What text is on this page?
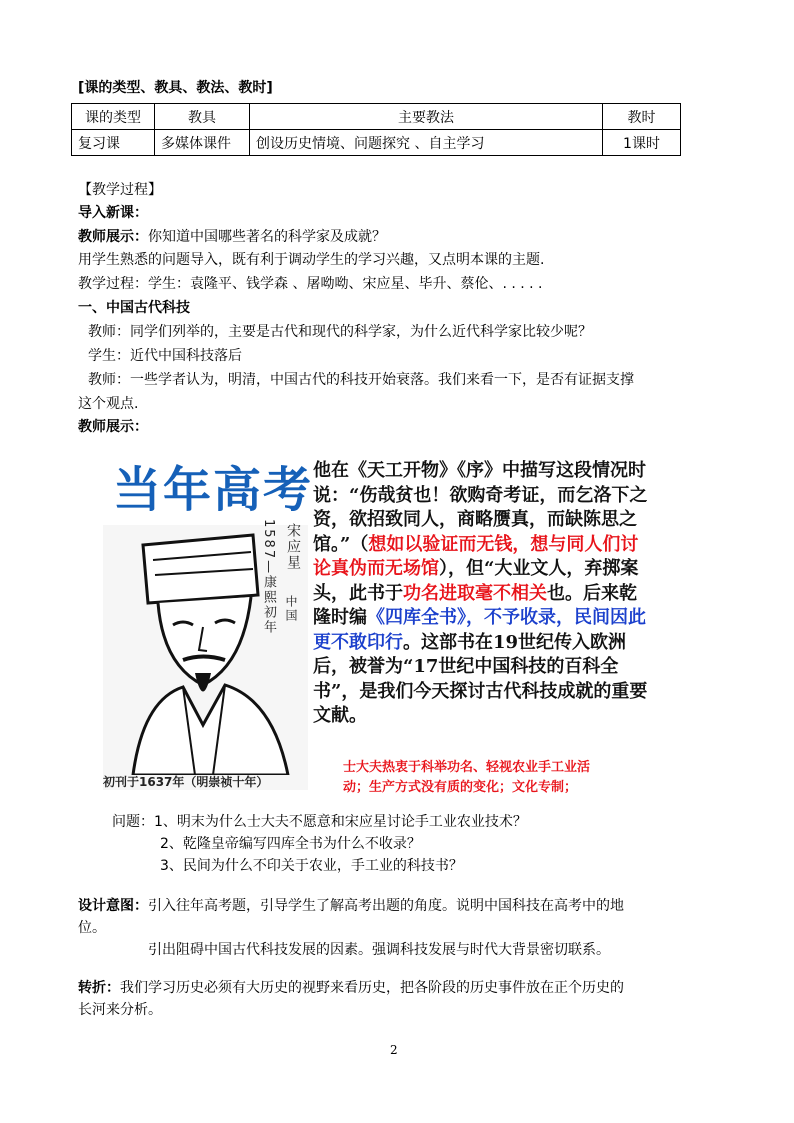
[课的类型、教具、教法、教时]
课的类型	教具	主要教法	教时
复习课	多媒体课件	创设历史情境、问题探究 、自主学习	1课时
【教学过程】
导入新课：
教师展示：你知道中国哪些著名的科学家及成就？
用学生熟悉的问题导入，既有利于调动学生的学习兴趣，又点明本课的主题.
教学过程：学生：袁隆平、钱学森 、屠呦呦、宋应星、毕升、蔡伦、. . . . .
一、中国古代科技
教师：同学们列举的，主要是古代和现代的科学家，为什么近代科学家比较少呢？
学生：近代中国科技落后
教师：一些学者认为，明清，中国古代的科技开始衰落。我们来看一下，是否有证据支撑
这个观点.
教师展示：
当年高考
宋应星
1587—康熙初年 中国
初刊于1637年（明崇祯十年）
他在《天工开物》《序》中描写这段情况时说：“伤哉贫也！欲购奇考证，而乞洛下之资，欲招致同人，商略赝真，而缺陈思之馆。”（想如以验证而无钱，想与同人们讨论真伪而无场馆），但“大业文人，弃掷案头，此书于功名进取毫不相关也。后来乾隆时编《四库全书》，不予收录，民间因此更不敢印行。这部书在19世纪传入欧洲后，被誉为“17世纪中国科技的百科全书”，是我们今天探讨古代科技成就的重要文献。
士大夫热衷于科举功名、轻视农业手工业活
动；生产方式没有质的变化；文化专制；
问题：1、明末为什么士大夫不愿意和宋应星讨论手工业农业技术？
2、乾隆皇帝编写四库全书为什么不收录？
3、民间为什么不印关于农业，手工业的科技书？
设计意图：引入往年高考题，引导学生了解高考出题的角度。说明中国科技在高考中的地
位。
引出阻碍中国古代科技发展的因素。强调科技发展与时代大背景密切联系。
转折：我们学习历史必须有大历史的视野来看历史，把各阶段的历史事件放在正个历史的
长河来分析。
2
